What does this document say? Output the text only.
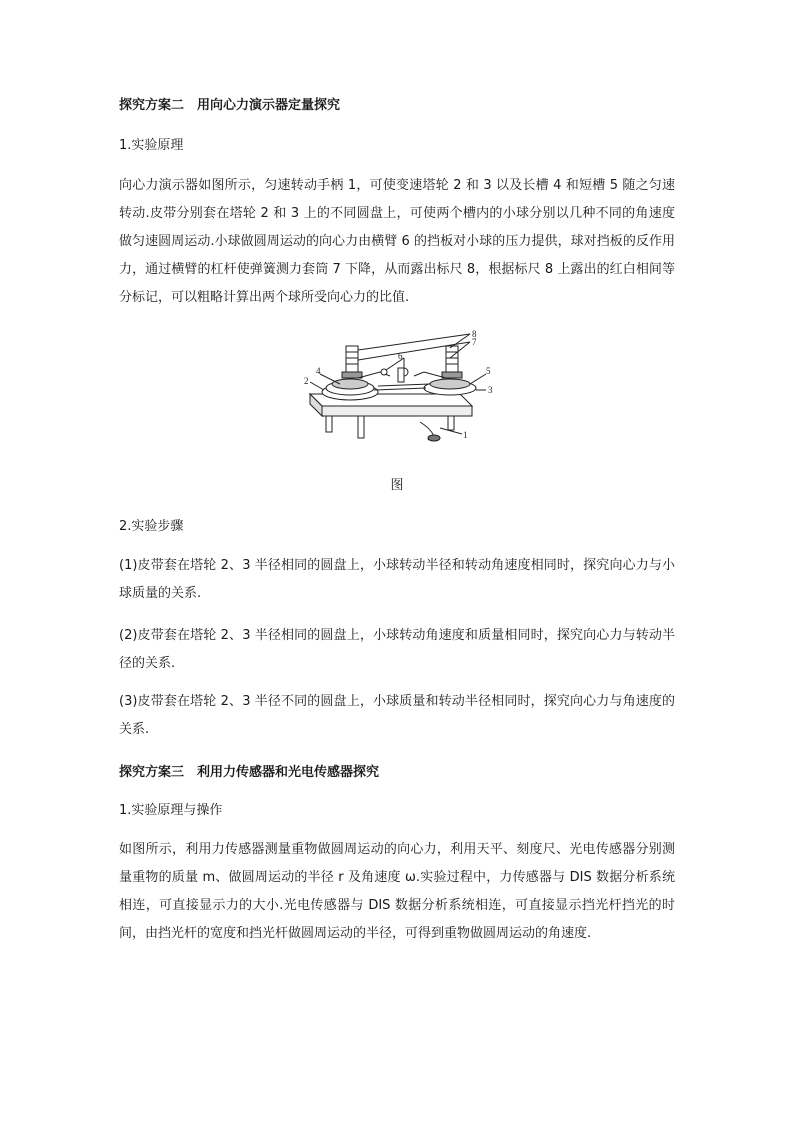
探究方案二　用向心力演示器定量探究

1.实验原理

向心力演示器如图所示，匀速转动手柄 1，可使变速塔轮 2 和 3 以及长槽 4 和短槽 5 随之匀速转动.皮带分别套在塔轮 2 和 3 上的不同圆盘上，可使两个槽内的小球分别以几种不同的角速度做匀速圆周运动.小球做圆周运动的向心力由横臂 6 的挡板对小球的压力提供，球对挡板的反作用力，通过横臂的杠杆使弹簧测力套筒 7 下降，从而露出标尺 8，根据标尺 8 上露出的红白相间等分标记，可以粗略计算出两个球所受向心力的比值.

1
2
3
4	5
6
7
8
图

2.实验步骤

(1)皮带套在塔轮 2、3 半径相同的圆盘上，小球转动半径和转动角速度相同时，探究向心力与小球质量的关系.

(2)皮带套在塔轮 2、3 半径相同的圆盘上，小球转动角速度和质量相同时，探究向心力与转动半径的关系.

(3)皮带套在塔轮 2、3 半径不同的圆盘上，小球质量和转动半径相同时，探究向心力与角速度的关系.

探究方案三　利用力传感器和光电传感器探究

1.实验原理与操作

如图所示，利用力传感器测量重物做圆周运动的向心力，利用天平、刻度尺、光电传感器分别测量重物的质量 m、做圆周运动的半径 r 及角速度 ω.实验过程中，力传感器与 DIS 数据分析系统相连，可直接显示力的大小.光电传感器与 DIS 数据分析系统相连，可直接显示挡光杆挡光的时间，由挡光杆的宽度和挡光杆做圆周运动的半径，可得到重物做圆周运动的角速度.
